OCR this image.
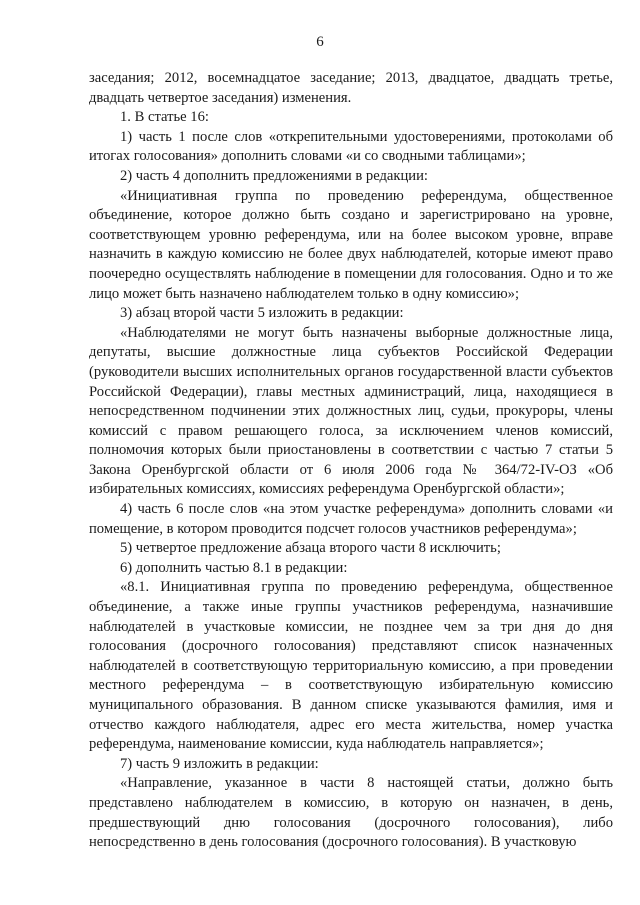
6

заседания; 2012, восемнадцатое заседание; 2013, двадцатое, двадцать третье, двадцать четвертое заседания) изменения.

1. В статье 16:

1) часть 1 после слов «открепительными удостоверениями, протоколами об итогах голосования» дополнить словами «и со сводными таблицами»;

2) часть 4 дополнить предложениями в редакции:

«Инициативная группа по проведению референдума, общественное объединение, которое должно быть создано и зарегистрировано на уровне, соответствующем уровню референдума, или на более высоком уровне, вправе назначить в каждую комиссию не более двух наблюдателей, которые имеют право поочередно осуществлять наблюдение в помещении для голосования. Одно и то же лицо может быть назначено наблюдателем только в одну комиссию»;

3) абзац второй части 5 изложить в редакции:

«Наблюдателями не могут быть назначены выборные должностные лица, депутаты, высшие должностные лица субъектов Российской Федерации (руководители высших исполнительных органов государственной власти субъектов Российской Федерации), главы местных администраций, лица, находящиеся в непосредственном подчинении этих должностных лиц, судьи, прокуроры, члены комиссий с правом решающего голоса, за исключением членов комиссий, полномочия которых были приостановлены в соответствии с частью 7 статьи 5 Закона Оренбургской области от 6 июля 2006 года № 364/72-IV-ОЗ «Об избирательных комиссиях, комиссиях референдума Оренбургской области»;

4) часть 6 после слов «на этом участке референдума» дополнить словами «и помещение, в котором проводится подсчет голосов участников референдума»;

5) четвертое предложение абзаца второго части 8 исключить;

6) дополнить частью 8.1 в редакции:

«8.1. Инициативная группа по проведению референдума, общественное объединение, а также иные группы участников референдума, назначившие наблюдателей в участковые комиссии, не позднее чем за три дня до дня голосования (досрочного голосования) представляют список назначенных наблюдателей в соответствующую территориальную комиссию, а при проведении местного референдума – в соответствующую избирательную комиссию муниципального образования. В данном списке указываются фамилия, имя и отчество каждого наблюдателя, адрес его места жительства, номер участка референдума, наименование комиссии, куда наблюдатель направляется»;

7) часть 9 изложить в редакции:

«Направление, указанное в части 8 настоящей статьи, должно быть представлено наблюдателем в комиссию, в которую он назначен, в день, предшествующий дню голосования (досрочного голосования), либо непосредственно в день голосования (досрочного голосования). В участковую
